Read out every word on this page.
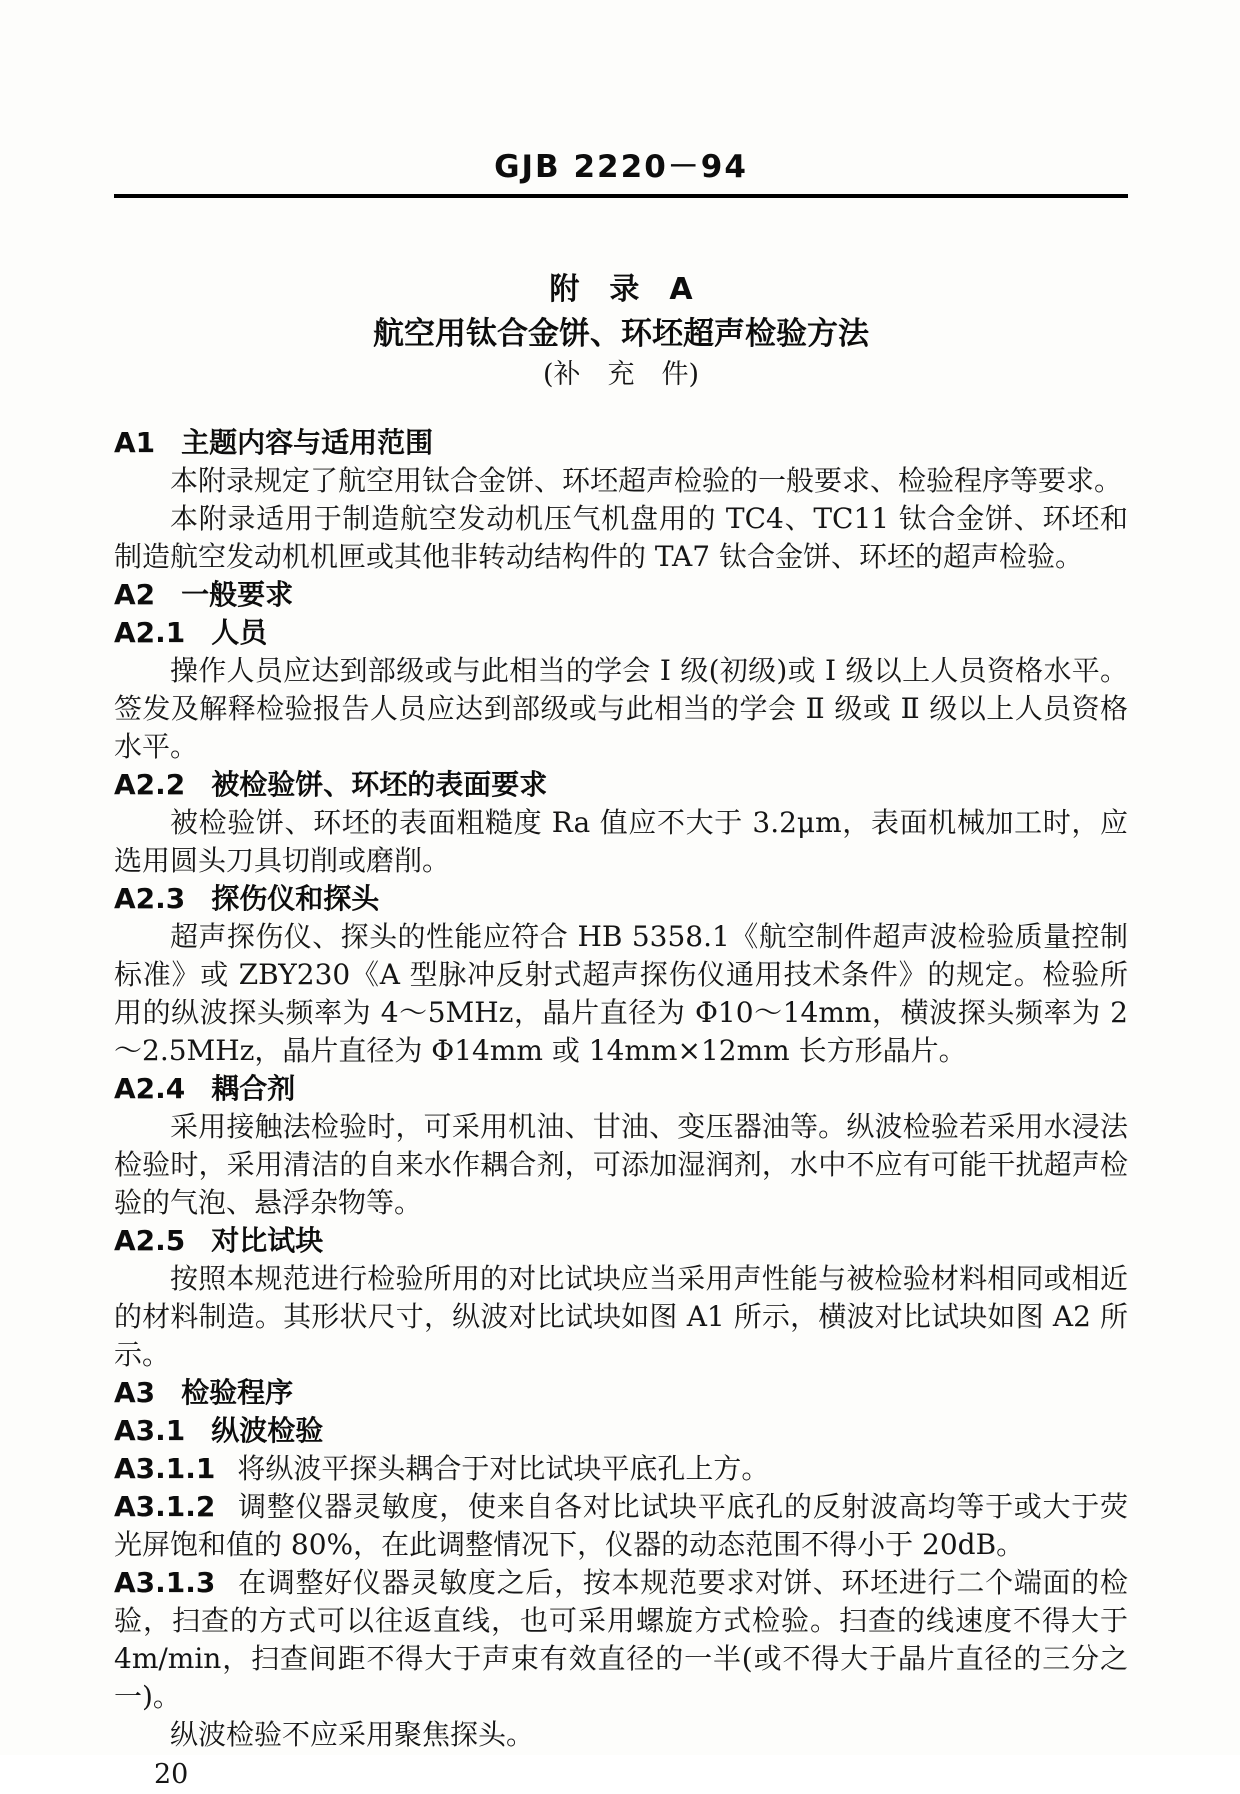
GJB 2220－94
附　录　A
航空用钛合金饼、环坯超声检验方法
(补　充　件)
A1 主题内容与适用范围
本附录规定了航空用钛合金饼、环坯超声检验的一般要求、检验程序等要求。
本附录适用于制造航空发动机压气机盘用的 TC4、TC11 钛合金饼、环坯和制造航空发动机机匣或其他非转动结构件的 TA7 钛合金饼、环坯的超声检验。
A2 一般要求
A2.1 人员
操作人员应达到部级或与此相当的学会 Ⅰ 级(初级)或 Ⅰ 级以上人员资格水平。签发及解释检验报告人员应达到部级或与此相当的学会 Ⅱ 级或 Ⅱ 级以上人员资格水平。
A2.2 被检验饼、环坯的表面要求
被检验饼、环坯的表面粗糙度 Ra 值应不大于 3.2μm，表面机械加工时，应选用圆头刀具切削或磨削。
A2.3 探伤仪和探头
超声探伤仪、探头的性能应符合 HB 5358.1《航空制件超声波检验质量控制标准》或 ZBY230《A 型脉冲反射式超声探伤仪通用技术条件》的规定。检验所用的纵波探头频率为 4～5MHz，晶片直径为 Φ10～14mm，横波探头频率为 2～2.5MHz，晶片直径为 Φ14mm 或 14mm×12mm 长方形晶片。
A2.4 耦合剂
采用接触法检验时，可采用机油、甘油、变压器油等。纵波检验若采用水浸法检验时，采用清洁的自来水作耦合剂，可添加湿润剂，水中不应有可能干扰超声检验的气泡、悬浮杂物等。
A2.5 对比试块
按照本规范进行检验所用的对比试块应当采用声性能与被检验材料相同或相近的材料制造。其形状尺寸，纵波对比试块如图 A1 所示，横波对比试块如图 A2 所示。
A3 检验程序
A3.1 纵波检验
A3.1.1 将纵波平探头耦合于对比试块平底孔上方。
A3.1.2 调整仪器灵敏度，使来自各对比试块平底孔的反射波高均等于或大于荧光屏饱和值的 80%，在此调整情况下，仪器的动态范围不得小于 20dB。
A3.1.3 在调整好仪器灵敏度之后，按本规范要求对饼、环坯进行二个端面的检验，扫查的方式可以往返直线，也可采用螺旋方式检验。扫查的线速度不得大于 4m/min，扫查间距不得大于声束有效直径的一半(或不得大于晶片直径的三分之一)。
纵波检验不应采用聚焦探头。
20
